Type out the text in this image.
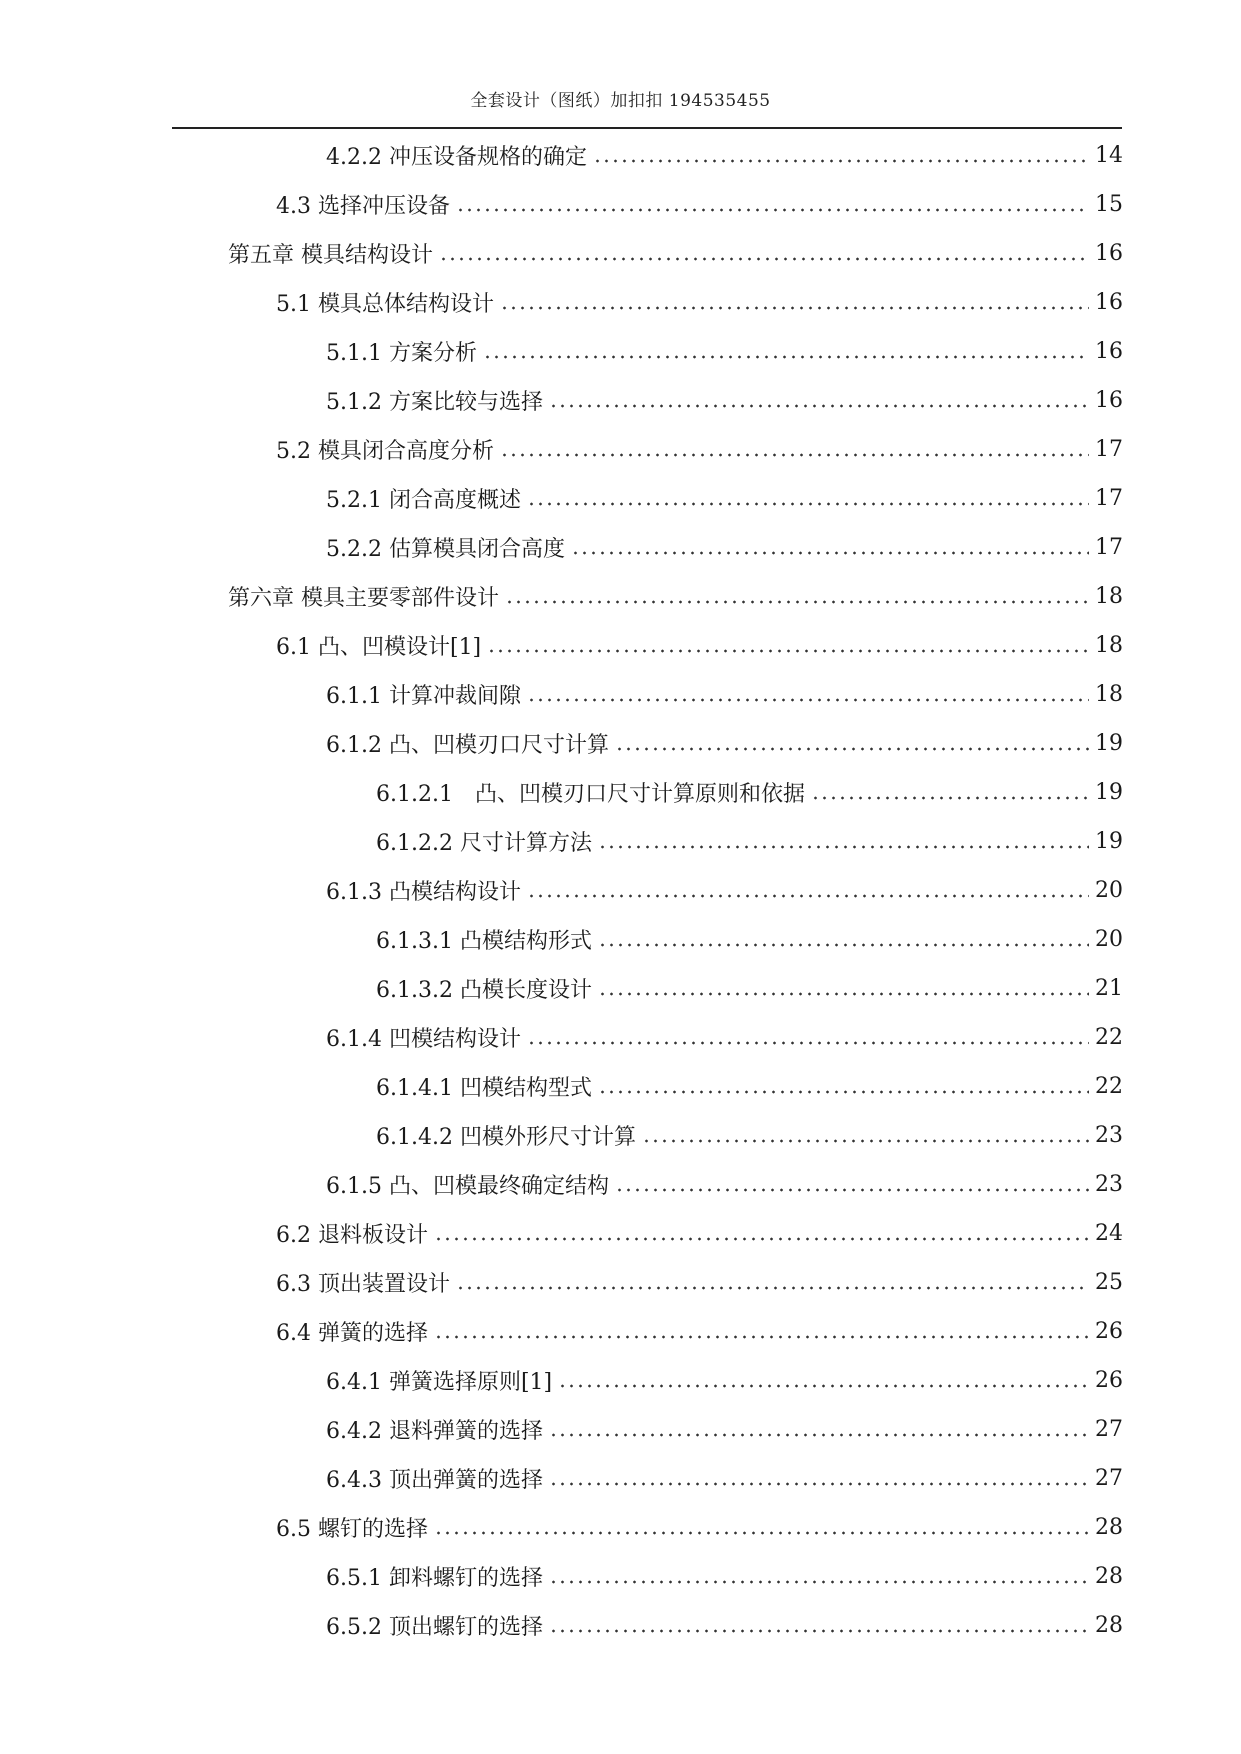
全套设计（图纸）加扣扣 194535455
4.2.2 冲压设备规格的确定	14
4.3 选择冲压设备	15
第五章 模具结构设计	16
5.1 模具总体结构设计	16
5.1.1 方案分析	16
5.1.2 方案比较与选择	16
5.2 模具闭合高度分析	17
5.2.1 闭合高度概述	17
5.2.2 估算模具闭合高度	17
第六章 模具主要零部件设计	18
6.1 凸、凹模设计[1]	18
6.1.1 计算冲裁间隙	18
6.1.2 凸、凹模刃口尺寸计算	19
6.1.2.1　凸、凹模刃口尺寸计算原则和依据	19
6.1.2.2 尺寸计算方法	19
6.1.3 凸模结构设计	20
6.1.3.1 凸模结构形式	20
6.1.3.2 凸模长度设计	21
6.1.4 凹模结构设计	22
6.1.4.1 凹模结构型式	22
6.1.4.2 凹模外形尺寸计算	23
6.1.5 凸、凹模最终确定结构	23
6.2 退料板设计	24
6.3 顶出装置设计	25
6.4 弹簧的选择	26
6.4.1 弹簧选择原则[1]	26
6.4.2 退料弹簧的选择	27
6.4.3 顶出弹簧的选择	27
6.5 螺钉的选择	28
6.5.1 卸料螺钉的选择	28
6.5.2 顶出螺钉的选择	28
